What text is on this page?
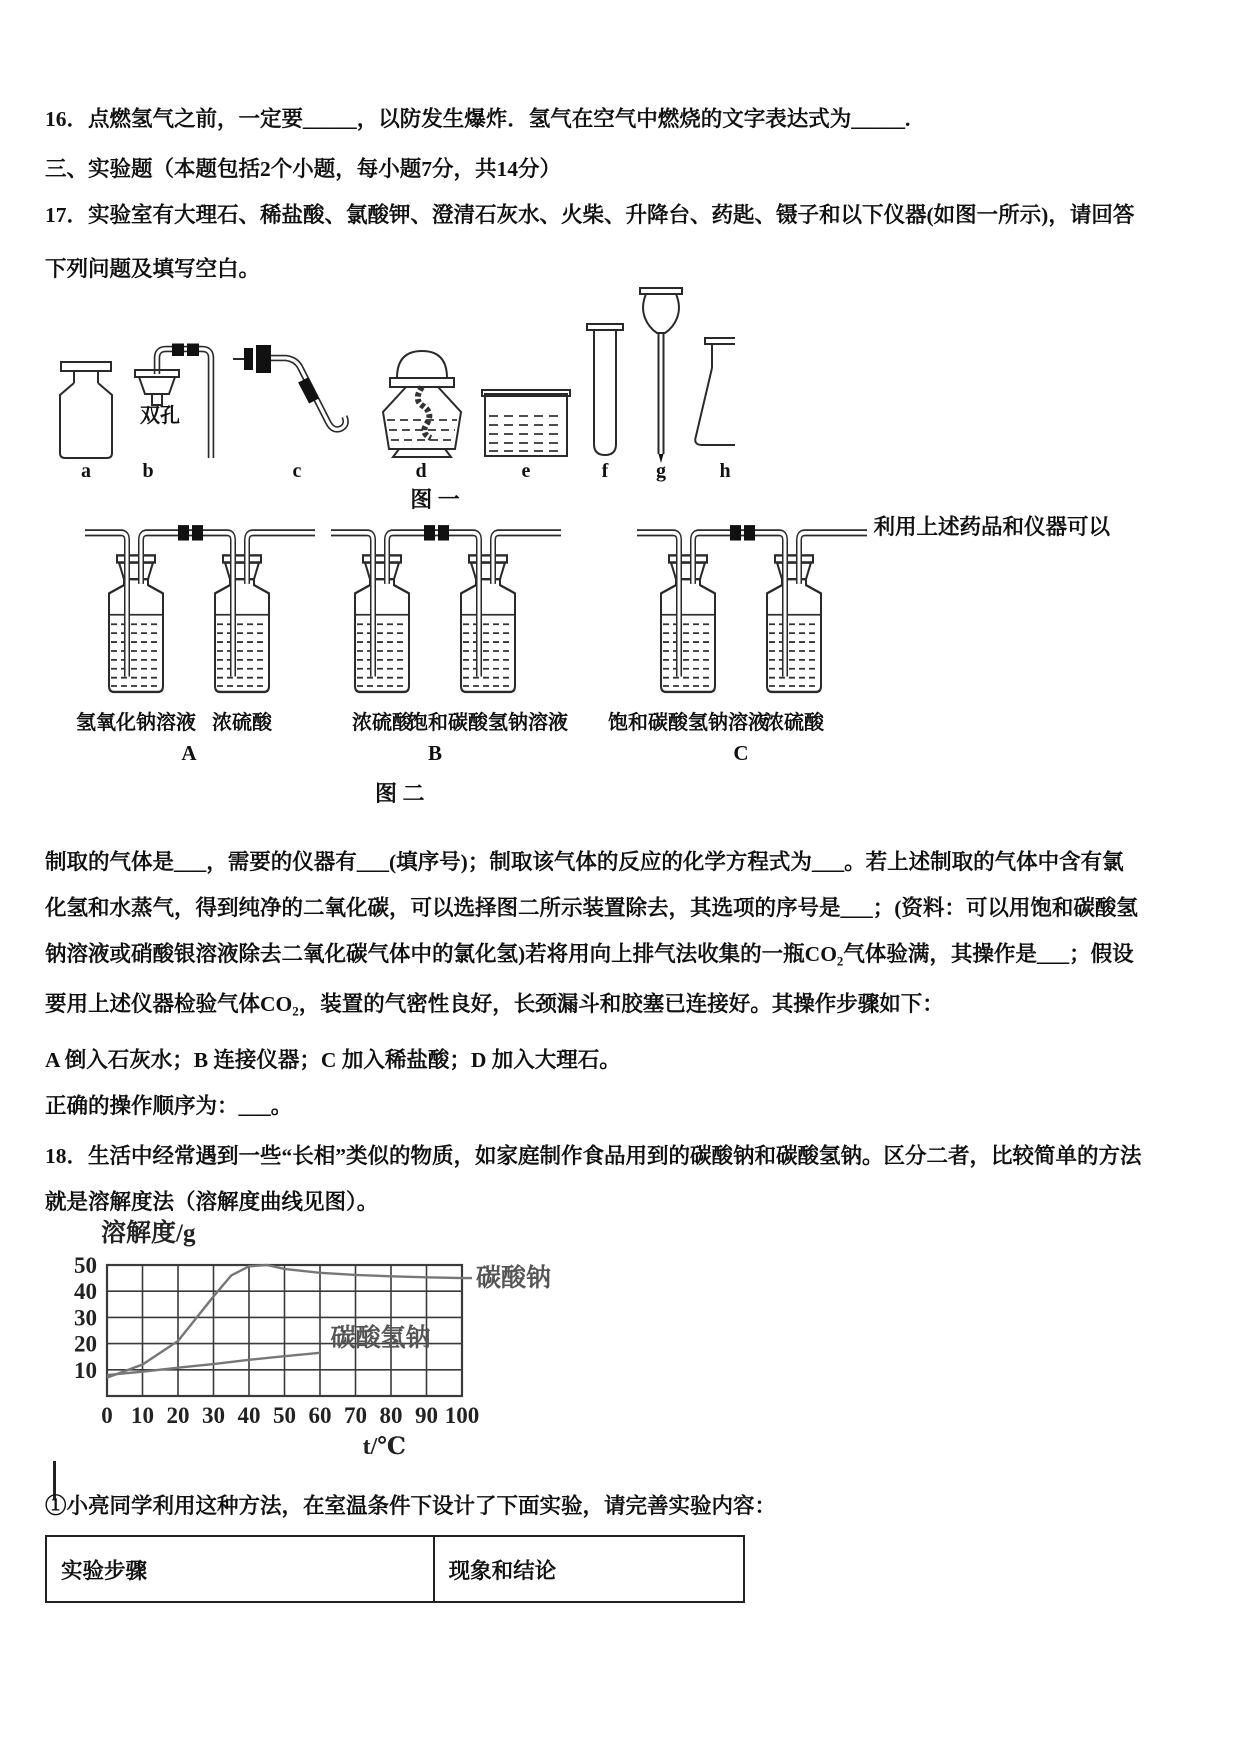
16．点燃氢气之前，一定要_____，以防发生爆炸．氢气在空气中燃烧的文字表达式为_____.

三、实验题（本题包括2个小题，每小题7分，共14分）

17．实验室有大理石、稀盐酸、氯酸钾、澄清石灰水、火柴、升降台、药匙、镊子和以下仪器(如图一所示)，请回答

下列问题及填写空白。

双孔
a	b	c	d	e	f g	h
图 一

利用上述药品和仪器可以

氢氧化钠溶液 浓硫酸
A
浓硫酸
饱和碳酸氢钠溶液
B
饱和碳酸氢钠溶液
浓硫酸
C
图 二

制取的气体是___，需要的仪器有___(填序号)；制取该气体的反应的化学方程式为___。若上述制取的气体中含有氯

化氢和水蒸气，得到纯净的二氧化碳，可以选择图二所示装置除去，其选项的序号是___；(资料：可以用饱和碳酸氢

钠溶液或硝酸银溶液除去二氧化碳气体中的氯化氢)若将用向上排气法收集的一瓶CO₂气体验满，其操作是___；假设

要用上述仪器检验气体CO₂，装置的气密性良好，长颈漏斗和胶塞已连接好。其操作步骤如下：

A 倒入石灰水；B 连接仪器；C 加入稀盐酸；D 加入大理石。

正确的操作顺序为：___。

18．生活中经常遇到一些“长相”类似的物质，如家庭制作食品用到的碳酸钠和碳酸氢钠。区分二者，比较简单的方法

就是溶解度法（溶解度曲线见图）。

0 10 20 30 40 50 60 70 80 90 100
10
20
30
40
50	碳酸钠
碳酸氢钠
溶解度/g
t/℃

①小亮同学利用这种方法，在室温条件下设计了下面实验，请完善实验内容：

实验步骤	现象和结论
